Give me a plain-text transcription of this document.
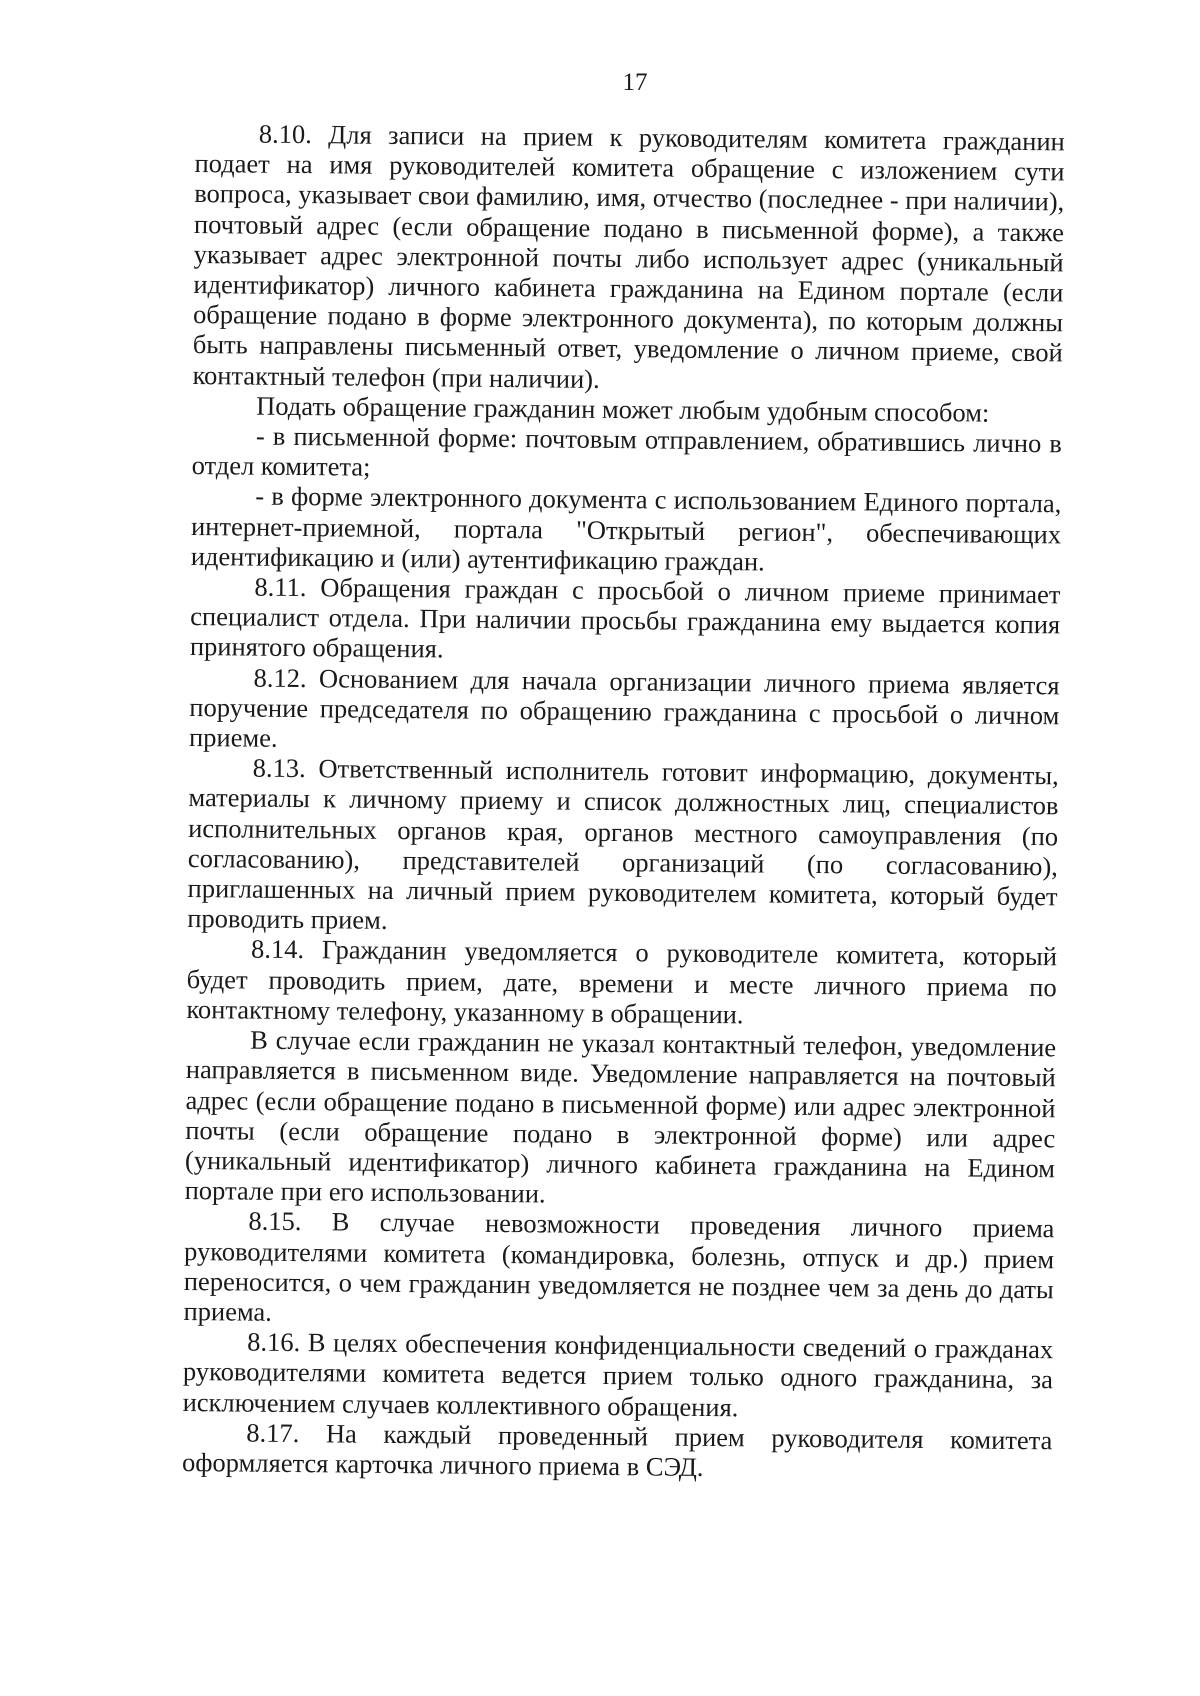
17

8.10. Для записи на прием к руководителям комитета гражданин подает на имя руководителей комитета обращение с изложением сути вопроса, указывает свои фамилию, имя, отчество (последнее - при наличии), почтовый адрес (если обращение подано в письменной форме), а также указывает адрес электронной почты либо использует адрес (уникальный идентификатор) личного кабинета гражданина на Едином портале (если обращение подано в форме электронного документа), по которым должны быть направлены письменный ответ, уведомление о личном приеме, свой контактный телефон (при наличии).

Подать обращение гражданин может любым удобным способом:

- в письменной форме: почтовым отправлением, обратившись лично в отдел комитета;

- в форме электронного документа с использованием Единого портала, интернет-приемной, портала "Открытый регион", обеспечивающих идентификацию и (или) аутентификацию граждан.

8.11. Обращения граждан с просьбой о личном приеме принимает специалист отдела. При наличии просьбы гражданина ему выдается копия принятого обращения.

8.12. Основанием для начала организации личного приема является поручение председателя по обращению гражданина с просьбой о личном приеме.

8.13. Ответственный исполнитель готовит информацию, документы, материалы к личному приему и список должностных лиц, специалистов исполнительных органов края, органов местного самоуправления (по согласованию), представителей организаций (по согласованию), приглашенных на личный прием руководителем комитета, который будет проводить прием.

8.14. Гражданин уведомляется о руководителе комитета, который будет проводить прием, дате, времени и месте личного приема по контактному телефону, указанному в обращении.

В случае если гражданин не указал контактный телефон, уведомление направляется в письменном виде. Уведомление направляется на почтовый адрес (если обращение подано в письменной форме) или адрес электронной почты (если обращение подано в электронной форме) или адрес (уникальный идентификатор) личного кабинета гражданина на Едином портале при его использовании.

8.15. В случае невозможности проведения личного приема руководителями комитета (командировка, болезнь, отпуск и др.) прием переносится, о чем гражданин уведомляется не позднее чем за день до даты приема.

8.16. В целях обеспечения конфиденциальности сведений о гражданах руководителями комитета ведется прием только одного гражданина, за исключением случаев коллективного обращения.

8.17. На каждый проведенный прием руководителя комитета оформляется карточка личного приема в СЭД.
